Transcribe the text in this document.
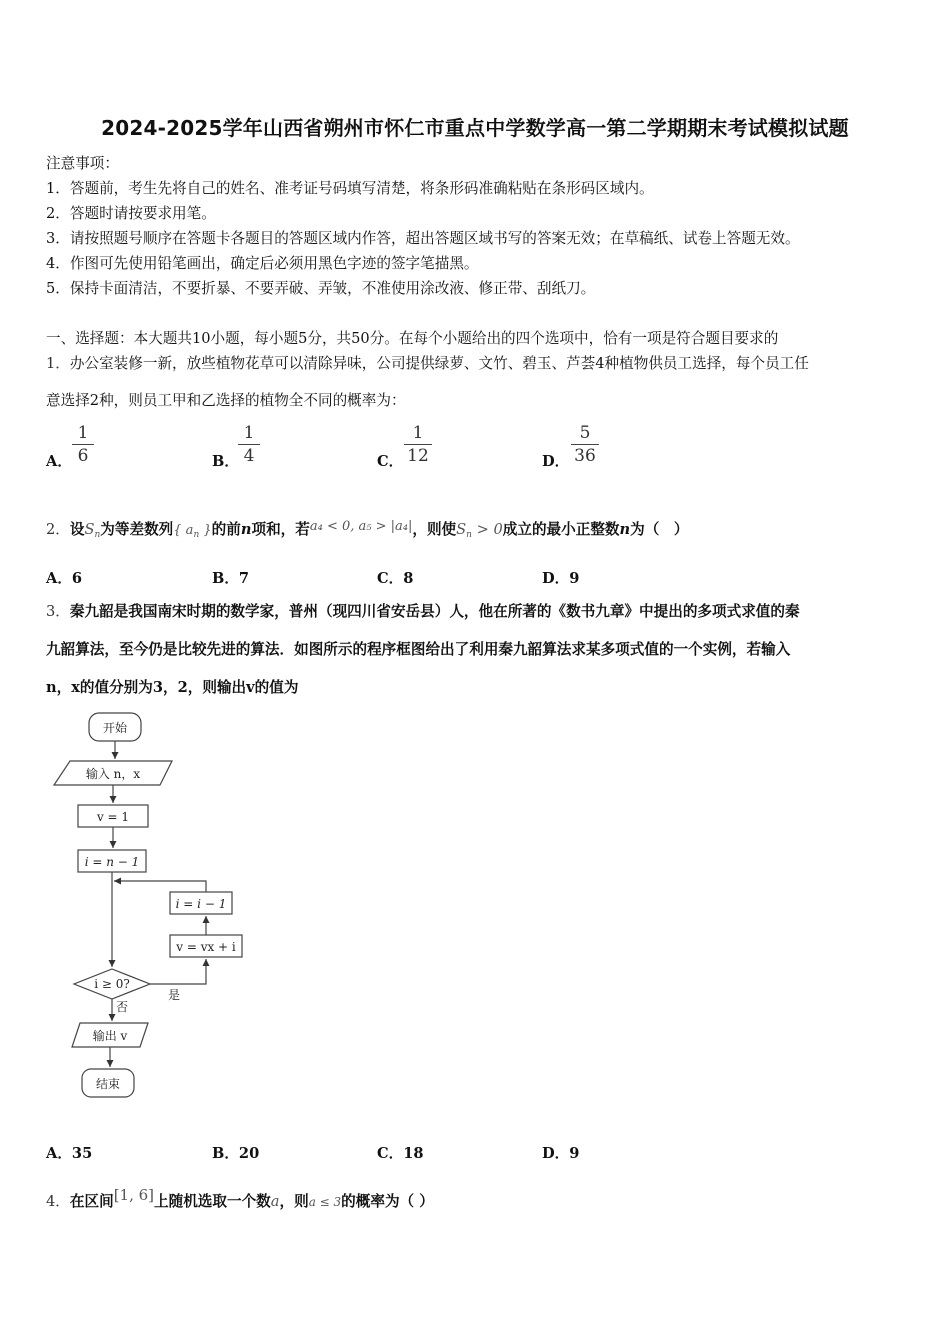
2024-2025学年山西省朔州市怀仁市重点中学数学高一第二学期期末考试模拟试题
注意事项：
1．答题前，考生先将自己的姓名、准考证号码填写清楚，将条形码准确粘贴在条形码区域内。
2．答题时请按要求用笔。
3．请按照题号顺序在答题卡各题目的答题区域内作答，超出答题区域书写的答案无效；在草稿纸、试卷上答题无效。
4．作图可先使用铅笔画出，确定后必须用黑色字迹的签字笔描黑。
5．保持卡面清洁，不要折暴、不要弄破、弄皱，不准使用涂改液、修正带、刮纸刀。
一、选择题：本大题共10小题，每小题5分，共50分。在每个小题给出的四个选项中，恰有一项是符合题目要求的
1．办公室装修一新，放些植物花草可以清除异味，公司提供绿萝、文竹、碧玉、芦荟4种植物供员工选择，每个员工任
意选择2种，则员工甲和乙选择的植物全不同的概率为：
A．
1
6	B．
1
4	C．
1
12	D．
5
36
2．设$S_n$为等差数列{ $a_n$ }的前n项和，若a₄ < 0, a₅ > |a₄|，则使$S_n > 0$成立的最小正整数n为（　）
A．6	B．7	C．8	D．9
3．秦九韶是我国南宋时期的数学家，普州（现四川省安岳县）人，他在所著的《数书九章》中提出的多项式求值的秦
九韶算法，至今仍是比较先进的算法．如图所示的程序框图给出了利用秦九韶算法求某多项式值的一个实例，若输入
n，x的值分别为3，2，则输出v的值为
开始
输入 n，x
v = 1
i = n − 1
i = i − 1
v = vx + i
i ≥ 0?
是
否
输出 v
结束
A．35	B．20	C．18	D．9
4．在区间[1, 6]上随机选取一个数a，则a ≤ 3的概率为（ ）
